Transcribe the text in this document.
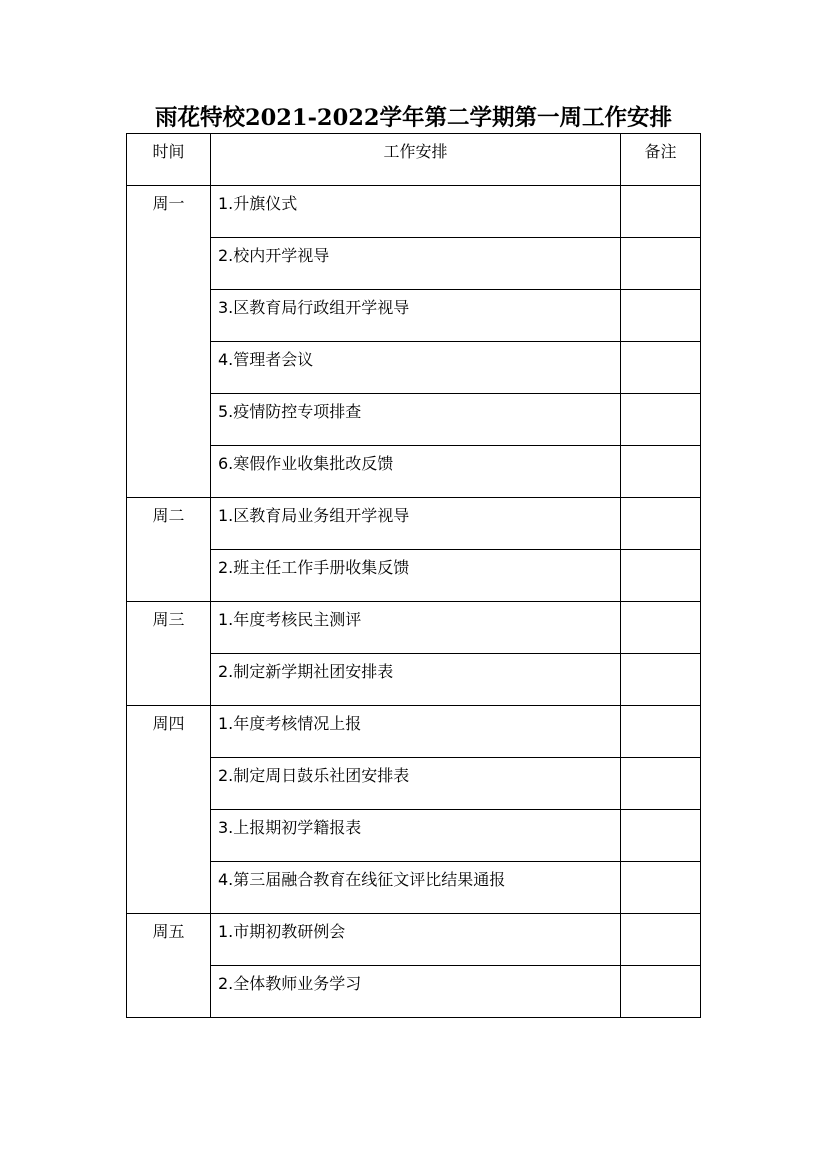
雨花特校2021-2022学年第二学期第一周工作安排
时间	工作安排	备注

周一	1.升旗仪式	

	2.校内开学视导	

	3.区教育局行政组开学视导	

	4.管理者会议	

	5.疫情防控专项排查	

	6.寒假作业收集批改反馈	

周二	1.区教育局业务组开学视导	

	2.班主任工作手册收集反馈	

周三	1.年度考核民主测评	

	2.制定新学期社团安排表	

周四	1.年度考核情况上报	

	2.制定周日鼓乐社团安排表	

	3.上报期初学籍报表	

	4.第三届融合教育在线征文评比结果通报	

周五	1.市期初教研例会	

	2.全体教师业务学习	
